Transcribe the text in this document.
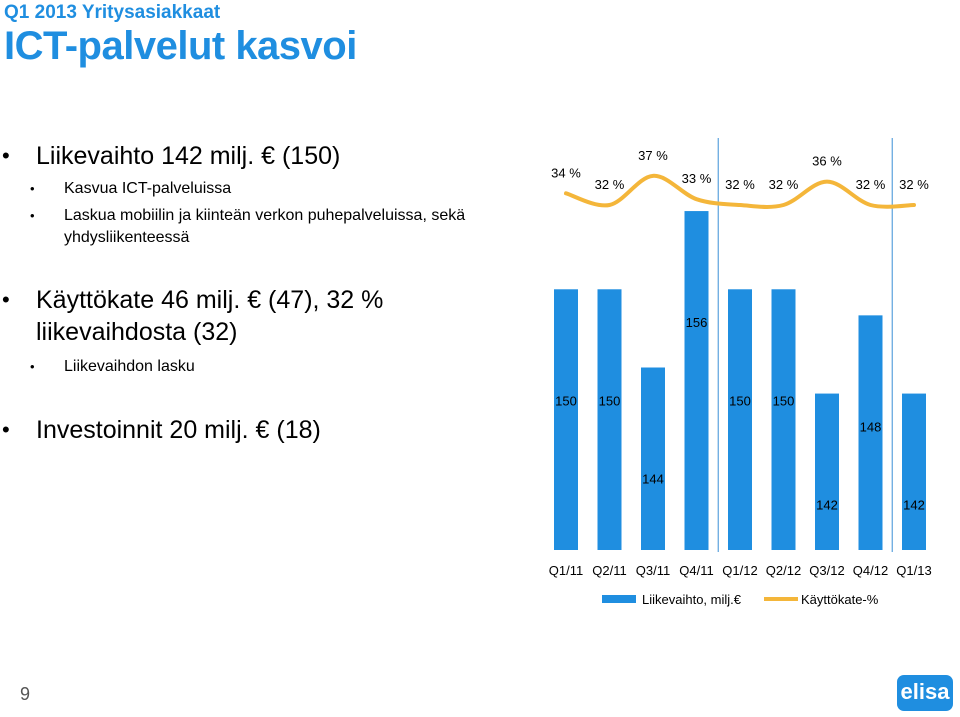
Q1 2013 Yritysasiakkaat
ICT-palvelut kasvoi
• Liikevaihto 142 milj. € (150)
• Kasvua ICT-palveluissa
• Laskua mobiilin ja kiinteän verkon puhepalveluissa, sekä yhdysliikenteessä
• Käyttökate 46 milj. € (47), 32 % liikevaihdosta (32)
• Liikevaihdon lasku
• Investoinnit 20 milj. € (18)
150 150
144
156
150 150
142
148
142
34 %
32 %
37 %
33 % 32 % 32 %
36 %
32 % 32 %
Q1/11 Q2/11 Q3/11 Q4/11 Q1/12 Q2/12 Q3/12 Q4/12 Q1/13
Liikevaihto, milj.€	Käyttökate-%
9	elisa
